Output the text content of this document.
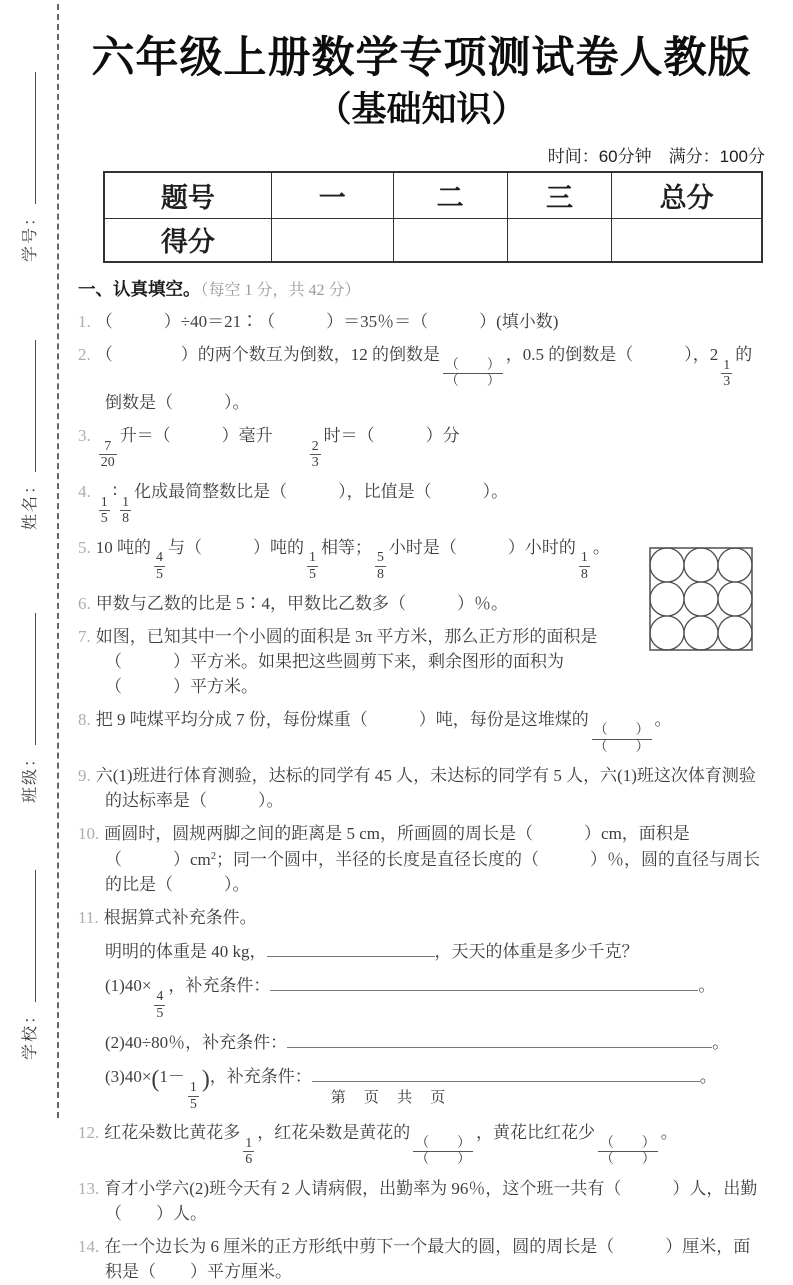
学号：
姓名：
班级：
学校：
六年级上册数学专项测试卷人教版
（基础知识）
时间：60分钟　满分：100分
题号	一	二	三	总分
得分				
一、认真填空。（每空 1 分，共 42 分）
1. （　　　）÷40＝21∶（　　　）＝35％＝（　　　）(填小数)
2. （　　　　）的两个数互为倒数，12 的倒数是
$\frac{( )}{( )}$
，0.5 的倒数是（　　　），2
$\frac{1}{3}$
的倒数是（　　　）。
3.
$\frac{7}{20}$
升＝（　　　）毫升　　
$\frac{2}{3}$
时＝（　　　）分
4.
$\frac{1}{5}$
∶
$\frac{1}{8}$
化成最简整数比是（　　　），比值是（　　　）。
5. 10 吨的
$\frac{4}{5}$
与（　　　）吨的
$\frac{1}{5}$
相等；
$\frac{5}{8}$
小时是（　　　）小时的
$\frac{1}{8}$
。
6. 甲数与乙数的比是 5∶4，甲数比乙数多（　　　）％。
7. 如图，已知其中一个小圆的面积是 3π 平方米，那么正方形的面积是（　　　）平方米。如果把这些圆剪下来，剩余图形的面积为（　　　）平方米。
8. 把 9 吨煤平均分成 7 份，每份煤重（　　　）吨，每份是这堆煤的
$\frac{( )}{( )}$
。
9. 六(1)班进行体育测验，达标的同学有 45 人，未达标的同学有 5 人，六(1)班这次体育测验的达标率是（　　　）。
10. 画圆时，圆规两脚之间的距离是 5 cm，所画圆的周长是（　　　）cm，面积是（　　　）$cm^2$；同一个圆中，半径的长度是直径长度的（　　　）％，圆的直径与周长的比是（　　　）。
11. 根据算式补充条件。
明明的体重是 40 kg，	，天天的体重是多少千克？
(1)40×
$\frac{4}{5}$
，补充条件：	。
(2)40÷80％，补充条件：	。
(3)40×(1－
$\frac{1}{5}$
)，补充条件：	。
12. 红花朵数比黄花多
$\frac{1}{6}$
，红花朵数是黄花的
$\frac{( )}{( )}$
，黄花比红花少
$\frac{( )}{( )}$
。
13. 育才小学六(2)班今天有 2 人请病假，出勤率为 96％，这个班一共有（　　　）人，出勤（　　）人。
14. 在一个边长为 6 厘米的正方形纸中剪下一个最大的圆，圆的周长是（　　　）厘米，面积是（　　）平方厘米。
第 页 共 页
